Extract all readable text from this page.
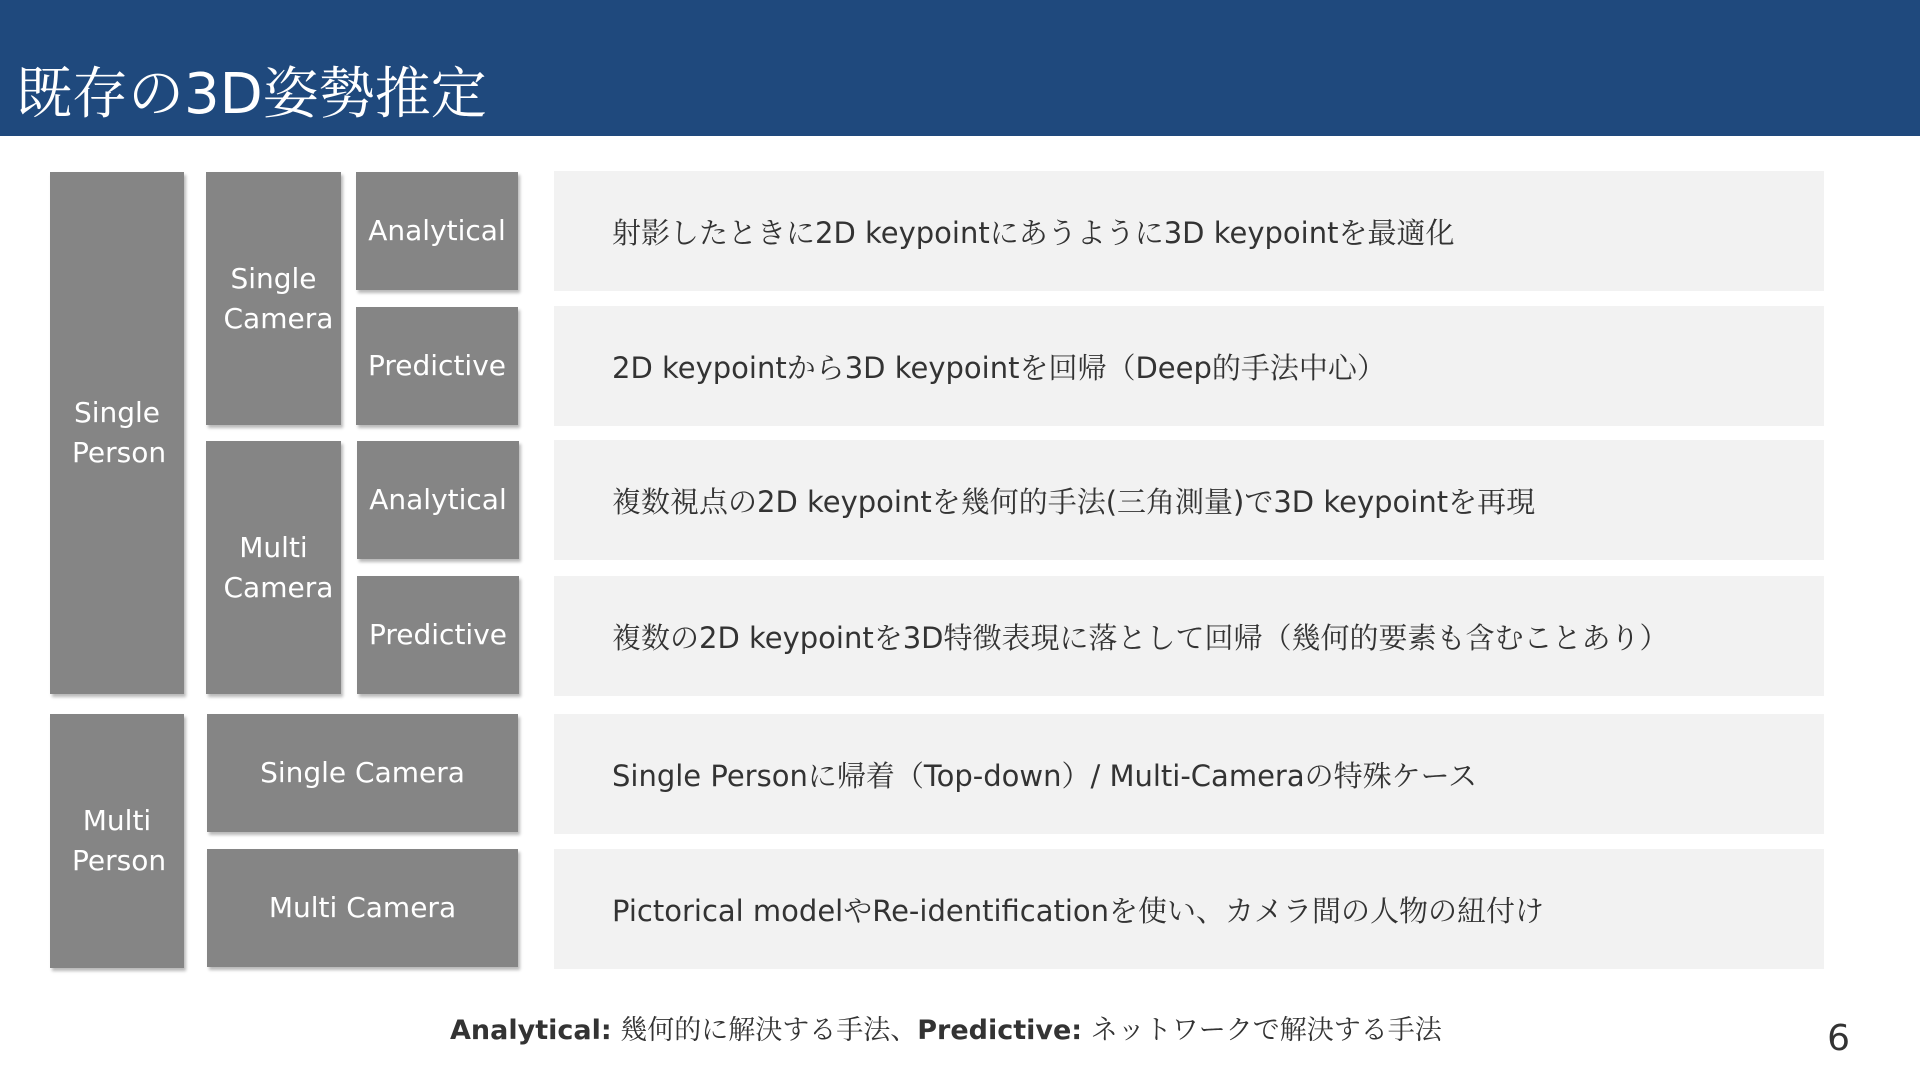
既存の3D姿勢推定
Single Person
Multi Person
Single Camera
Multi Camera
Analytical
Predictive
Analytical
Predictive
Single Camera
Multi Camera
射影したときに2D keypointにあうように3D keypointを最適化
2D keypointから3D keypointを回帰（Deep的手法中心）
複数視点の2D keypointを幾何的手法(三角測量)で3D keypointを再現
複数の2D keypointを3D特徴表現に落として回帰（幾何的要素も含むことあり）
Single Personに帰着（Top-down）/ Multi-Cameraの特殊ケース
Pictorical modelやRe-identificationを使い、カメラ間の人物の紐付け
Analytical: 幾何的に解決する手法、Predictive: ネットワークで解決する手法	6
